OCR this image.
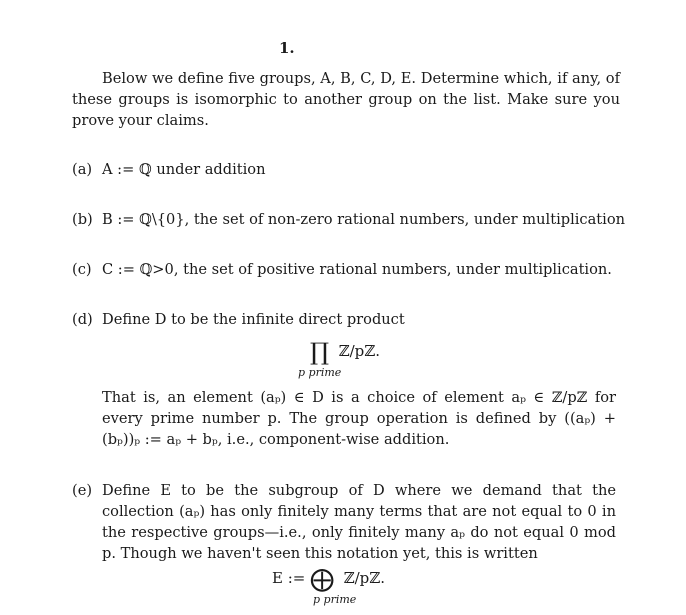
1.

Below we define five groups, A, B, C, D, E. Determine which, if any, of these groups is isomorphic to another group on the list. Make sure you prove your claims.

(a) A := ℚ under addition

(b) B := ℚ\{0}, the set of non-zero rational numbers, under multiplication

(c) C := ℚ>0, the set of positive rational numbers, under multiplication.

(d) Define D to be the infinite direct product

∏ ℤ/pℤ.
p prime

That is, an element (aₚ) ∈ D is a choice of element aₚ ∈ ℤ/pℤ for every prime number p. The group operation is defined by ((aₚ) + (bₚ))ₚ := aₚ + bₚ, i.e., component-wise addition.

(e) Define E to be the subgroup of D where we demand that the collection (aₚ) has only finitely many terms that are not equal to 0 in the respective groups—i.e., only finitely many aₚ do not equal 0 mod p. Though we haven't seen this notation yet, this is written

E := ⨁ ℤ/pℤ.
p prime
